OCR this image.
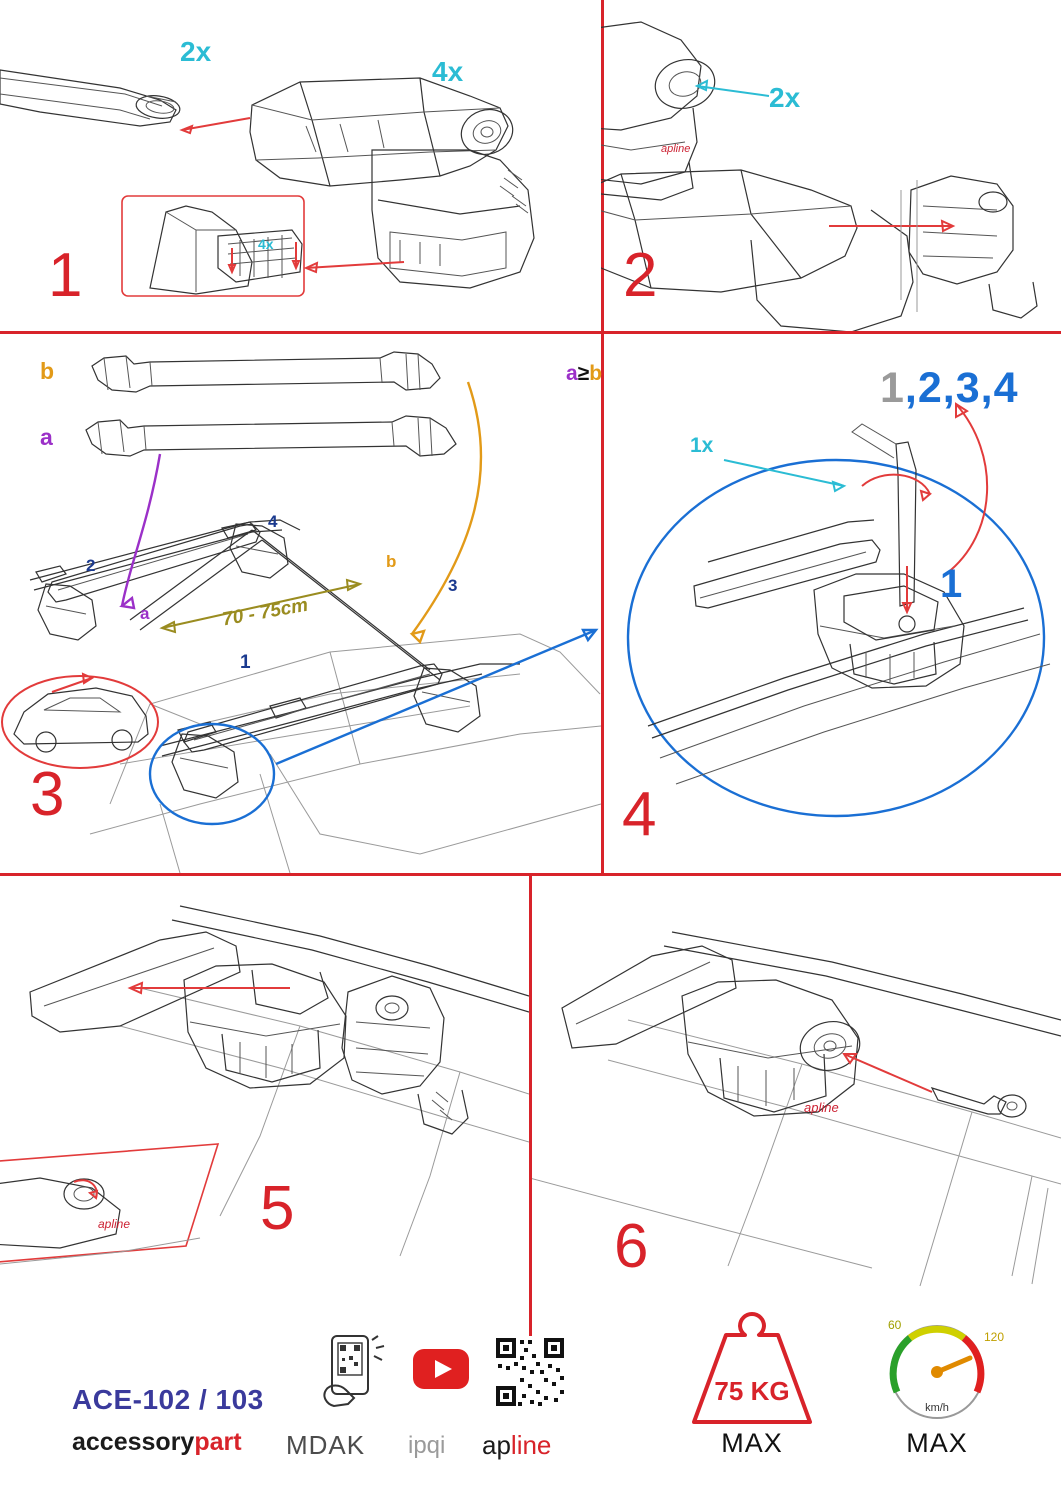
2x
4x
4x
1
apline
2x
2
b
a
a
b
2
4
3
1
70 - 75cm
3
a≥b
1x
1,2,3,4
1
4
apline 5
apline
6
ACE-102 / 103
accessorypart MDAK ipqi apline
75 KG
MAX
60
120
km/h
MAX
